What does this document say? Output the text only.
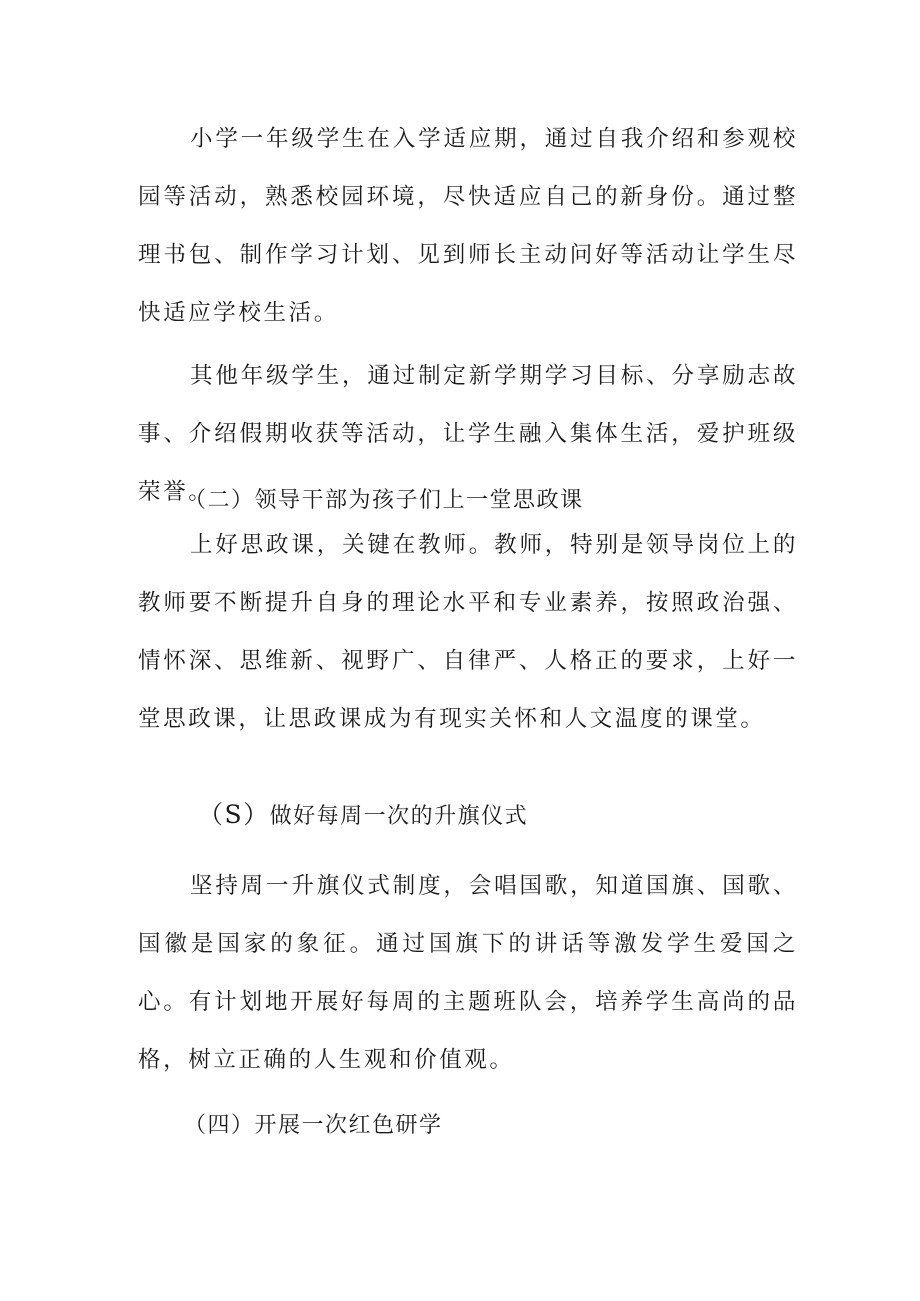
小学一年级学生在入学适应期，通过自我介绍和参观校园等活动，熟悉校园环境，尽快适应自己的新身份。通过整理书包、制作学习计划、见到师长主动问好等活动让学生尽快适应学校生活。

其他年级学生，通过制定新学期学习目标、分享励志故事、介绍假期收获等活动，让学生融入集体生活，爱护班级荣誉。

（二）领导干部为孩子们上一堂思政课

上好思政课，关键在教师。教师，特别是领导岗位上的教师要不断提升自身的理论水平和专业素养，按照政治强、情怀深、思维新、视野广、自律严、人格正的要求，上好一堂思政课，让思政课成为有现实关怀和人文温度的课堂。

（S）做好每周一次的升旗仪式

坚持周一升旗仪式制度，会唱国歌，知道国旗、国歌、国徽是国家的象征。通过国旗下的讲话等激发学生爱国之心。有计划地开展好每周的主题班队会，培养学生高尚的品格，树立正确的人生观和价值观。

（四）开展一次红色研学
